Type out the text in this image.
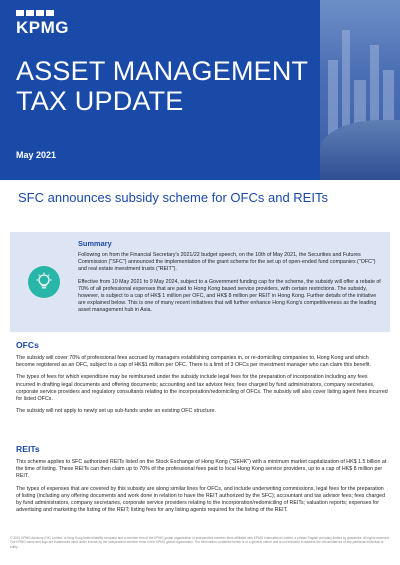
KPMG
ASSET MANAGEMENT
TAX UPDATE
May 2021
SFC announces subsidy scheme for OFCs and REITs
Summary

Following on from the Financial Secretary's 2021/22 budget speech, on the 10th of May 2021, the Securities and Futures Commission ("SFC") announced the implementation of the grant scheme for the set up of open-ended fund companies ("OFC") and real estate investment trusts ("REIT").

Effective from 10 May 2021 to 9 May 2024, subject to a Government funding cap for the scheme, the subsidy will offer a rebate of 70% of all professional expenses that are paid to Hong Kong based service providers, with certain restrictions. The subsidy, however, is subject to a cap of HK$ 1 million per OFC, and HK$ 8 million per REIT in Hong Kong. Further details of the initiative are explained below. This is one of many recent initiatives that will further enhance Hong Kong's competitiveness as the leading asset management hub in Asia.

OFCs

The subsidy will cover 70% of professional fees accrued by managers establishing companies in, or re-domiciling companies to, Hong Kong and which become registered as an OFC, subject to a cap of HK$1 million per OFC. There is a limit of 3 OFCs per investment manager who can claim this benefit.

The types of fees for which expenditure may be reimbursed under the subsidy include legal fees for the preparation of incorporation including any fees incurred in drafting legal documents and offering documents; accounting and tax advisor fees; fees charged by fund administrators, company secretaries, corporate service providers and regulatory consultants relating to the incorporation/redomiciling of OFCs. The subsidy will also cover listing agent fees incurred for listed OFCs.

The subsidy will not apply to newly set up sub-funds under an existing OFC structure.

REITs

This scheme applies to SFC authorized REITs listed on the Stock Exchange of Hong Kong ("SEHK") with a minimum market capitalization of HK$ 1.5 billion at the time of listing. These REITs can then claim up to 70% of the professional fees paid to local Hong Kong service providers, up to a cap of HK$ 8 million per REIT.

The types of expenses that are covered by this subsidy are along similar lines for OFCs, and include underwriting commissions, legal fees for the preparation of listing (including any offering documents and work done in relation to have the REIT authorized by the SFC); accountant and tax advisor fees; fees charged by fund administrators, company secretaries, corporate service providers relating to the incorporation/redomiciling of REITs; valuation reports; expenses for advertising and marketing the listing of the REIT; listing fees for any listing agents required for the listing of the REIT.

© 2021 KPMG Advisory (HK) Limited, a Hong Kong limited liability company and a member firm of the KPMG global organization of independent member firms affiliated with KPMG International Limited, a private English company limited by guarantee. All rights reserved. The KPMG name and logo are trademarks used under license by the independent member firms of the KPMG global organization. The information contained herein is of a general nature and is not intended to address the circumstances of any particular individual or entity.
